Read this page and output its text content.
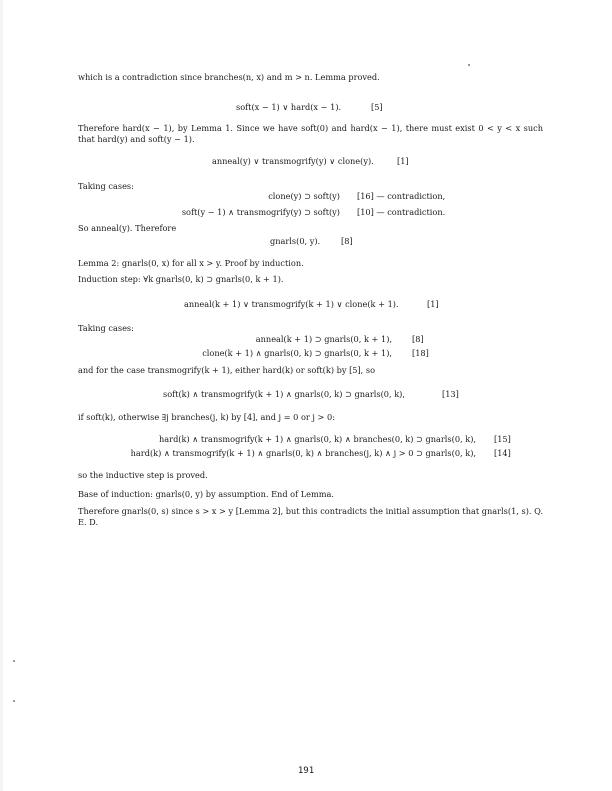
which is a contradiction since branches(n, x) and m > n. Lemma proved.
soft(x − 1) ∨ hard(x − 1).	[5]
Therefore hard(x − 1), by Lemma 1. Since we have soft(0) and hard(x − 1), there must exist 0 < y < x such that hard(y) and soft(y − 1).
anneal(y) ∨ transmogrify(y) ∨ clone(y).	[1]
Taking cases:
clone(y) ⊃ soft(y) [16] — contradiction,
soft(y − 1) ∧ transmogrify(y) ⊃ soft(y) [10] — contradiction.
So anneal(y). Therefore
gnarls(0, y).	[8]
Lemma 2: gnarls(0, x) for all x > y. Proof by induction.
Induction step: ∀k gnarls(0, k) ⊃ gnarls(0, k + 1).
anneal(k + 1) ∨ transmogrify(k + 1) ∨ clone(k + 1).	[1]
Taking cases:
anneal(k + 1) ⊃ gnarls(0, k + 1), [8]
clone(k + 1) ∧ gnarls(0, k) ⊃ gnarls(0, k + 1), [18]
and for the case transmogrify(k + 1), either hard(k) or soft(k) by [5], so
soft(k) ∧ transmogrify(k + 1) ∧ gnarls(0, k) ⊃ gnarls(0, k),	[13]
if soft(k), otherwise ∃j branches(j, k) by [4], and j = 0 or j > 0:
hard(k) ∧ transmogrify(k + 1) ∧ gnarls(0, k) ∧ branches(0, k) ⊃ gnarls(0, k), [15]
hard(k) ∧ transmogrify(k + 1) ∧ gnarls(0, k) ∧ branches(j, k) ∧ j > 0 ⊃ gnarls(0, k), [14]
so the inductive step is proved.
Base of induction: gnarls(0, y) by assumption. End of Lemma.
Therefore gnarls(0, s) since s > x > y [Lemma 2], but this contradicts the initial assumption that gnarls(1, s). Q. E. D.
191
